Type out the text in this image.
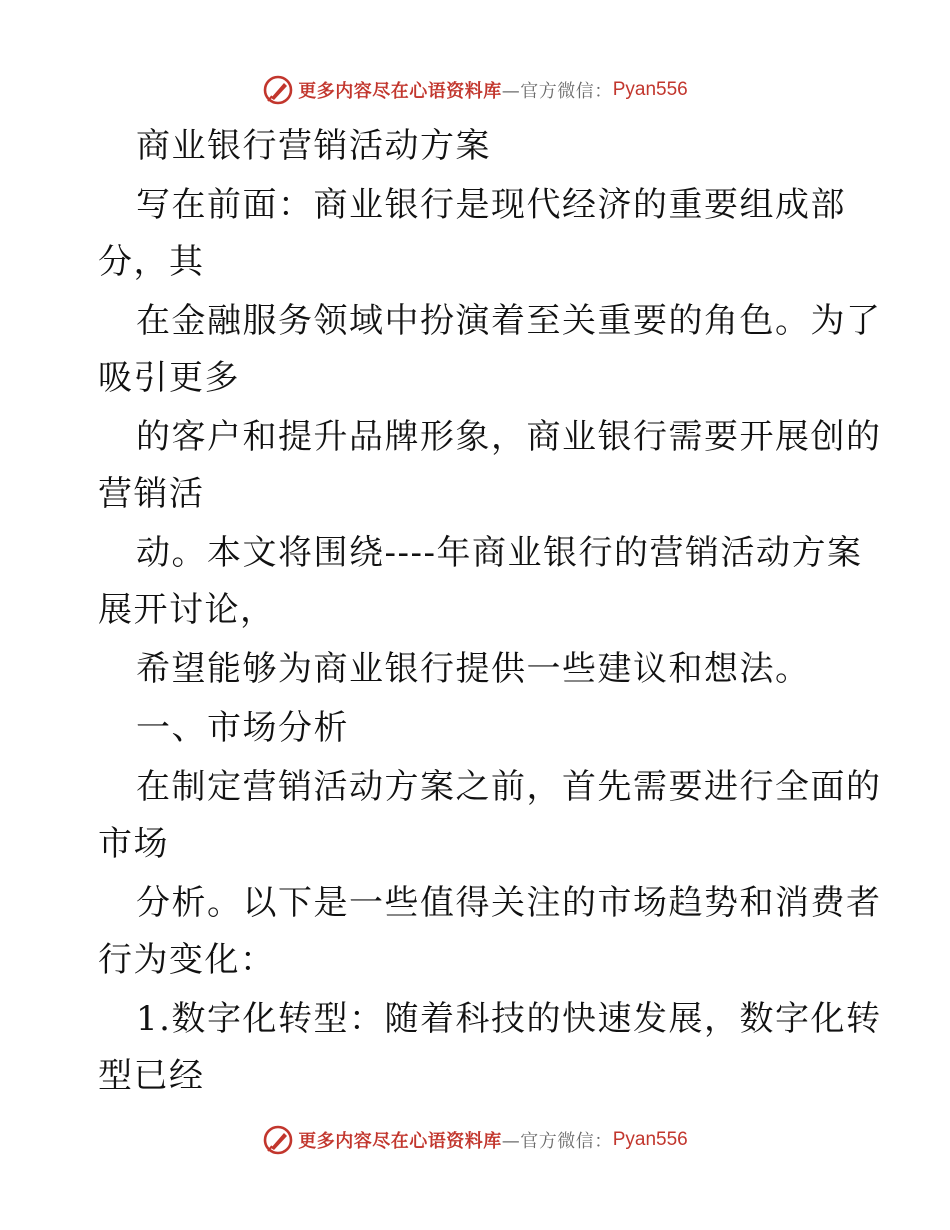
更多内容尽在心语资料库 —官方微信： Pyan556
商业银行营销活动方案
写在前面：商业银行是现代经济的重要组成部
分，其
在金融服务领域中扮演着至关重要的角色。为了
吸引更多
的客户和提升品牌形象，商业银行需要开展创的
营销活
动。本文将围绕----年商业银行的营销活动方案
展开讨论，
希望能够为商业银行提供一些建议和想法。
一、市场分析
在制定营销活动方案之前，首先需要进行全面的
市场
分析。以下是一些值得关注的市场趋势和消费者
行为变化：
1.数字化转型：随着科技的快速发展，数字化转
型已经
更多内容尽在心语资料库 —官方微信： Pyan556
